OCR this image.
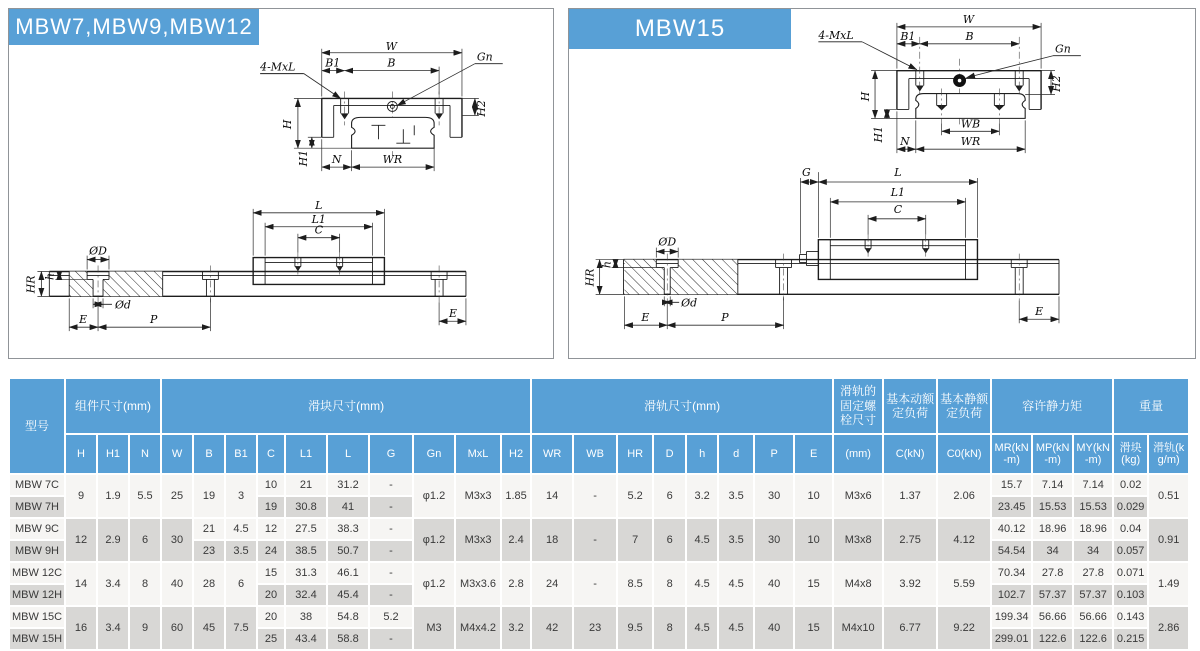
W
B1	B	Gn
4-MxL
H
H1
H2
N	WR
L
L1
C
ØD
Ød
HR h
E	P	E
MBW7,MBW9,MBW12	W
B1	B
Gn
4-MxL
H
H1
H2
WB
WR
N
G	L
L1
C
ØD
Ød
HR
h
E	P	E
MBW15
型号	组件尺寸(mm)			滑块尺寸(mm)										滑轨尺寸(mm)								滑轨的固定螺栓尺寸	基本动额定负荷	基本静额定负荷	容许静力矩			重量	
	H	H1	N	W	B	B1	C	L1	L	G	Gn	MxL	H2	WR	WB	HR	D	h	d	P	E	(mm)	C(kN)	C0(kN)	MR(kN-m)	MP(kN-m)	MY(kN-m)	滑块(kg)	滑轨(kg/m)
MBW 7C	9	1.9	5.5	25	19	3	10	21	31.2	-	φ1.2	M3x3	1.85	14	-	5.2	6	3.2	3.5	30	10	M3x6	1.37	2.06	15.7	7.14	7.14	0.02	0.51
MBW 7H							19	30.8	41	-															23.45	15.53	15.53	0.029	
MBW 9C	12	2.9	6	30	21	4.5	12	27.5	38.3	-	φ1.2	M3x3	2.4	18	-	7	6	4.5	3.5	30	10	M3x8	2.75	4.12	40.12	18.96	18.96	0.04	0.91
MBW 9H					23	3.5	24	38.5	50.7	-															54.54	34	34	0.057	
MBW 12C	14	3.4	8	40	28	6	15	31.3	46.1	-	φ1.2	M3x3.6	2.8	24	-	8.5	8	4.5	4.5	40	15	M4x8	3.92	5.59	70.34	27.8	27.8	0.071	1.49
MBW 12H							20	32.4	45.4	-															102.7	57.37	57.37	0.103	
MBW 15C	16	3.4	9	60	45	7.5	20	38	54.8	5.2	M3	M4x4.2	3.2	42	23	9.5	8	4.5	4.5	40	15	M4x10	6.77	9.22	199.34	56.66	56.66	0.143	2.86
MBW 15H							25	43.4	58.8	-															299.01	122.6	122.6	0.215	
